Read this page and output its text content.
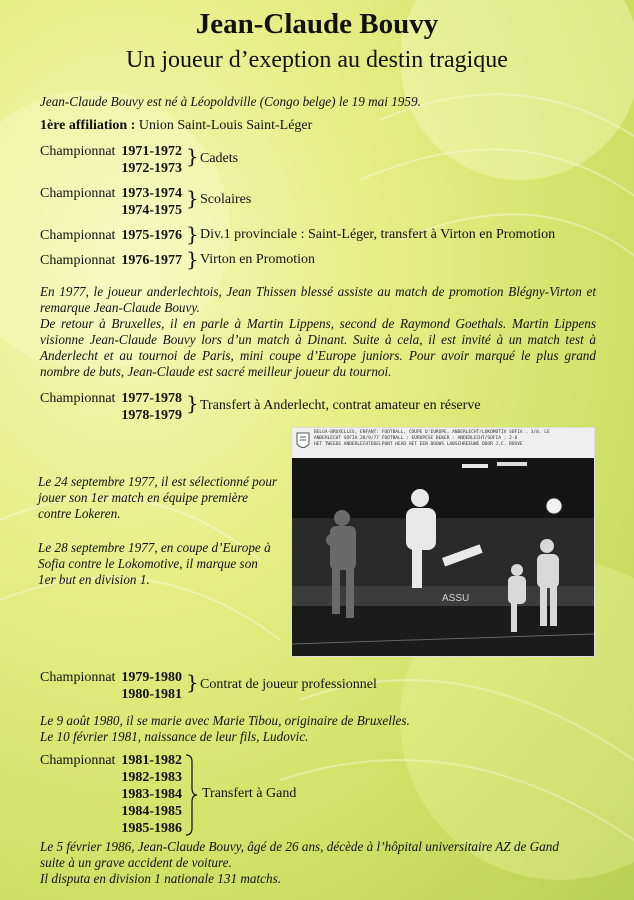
Jean-Claude Bouvy
Un joueur d’exeption au destin tragique
Jean-Claude Bouvy est né à Léopoldville (Congo belge) le 19 mai 1959.
1ère affiliation : Union Saint-Louis Saint-Léger
Championnat 1971-1972
1972-1973
} Cadets
Championnat 1973-1974
1974-1975
} Scolaires
Championnat 1975-1976 } Div.1 provinciale : Saint-Léger, transfert à Virton en Promotion
Championnat 1976-1977 } Virton en Promotion
En 1977, le joueur anderlechtois, Jean Thissen blessé assiste au match de promotion Blégny-Virton et remarque Jean-Claude Bouvy.
De retour à Bruxelles, il en parle à Martin Lippens, second de Raymond Goethals. Martin Lippens visionne Jean-Claude Bouvy lors d’un match à Dinant. Suite à cela, il est invité à un match test à Anderlecht et au tournoi de Paris, mini coupe d’Europe juniors. Pour avoir marqué le plus grand nombre de buts, Jean-Claude est sacré meilleur joueur du tournoi.
Championnat 1977-1978
1978-1979
} Transfert à Anderlecht, contrat amateur en réserve
Le 24 septembre 1977, il est sélectionné pour jouer son 1er match en équipe première contre Lokeren.
Le 28 septembre 1977, en coupe d’Europe à Sofia contre le Lokomotive, il marque son 1er but en division 1.
BELGA-BRUXELLES, ENFANT: FOOTBALL, COUPE D'EUROPE, ANDERLECHT/LOKOMOTIV SOFIA . 3/0. LE
ANDERLECHT SOFIA 28/9/77 FOOTBALL : EUROPESE BEKER : ANDERLECHT/SOFIA : 2-0
HET TWEEDE ANDERLECHTDOELPUNT HEAD HET EEN BOUWS LABSCHREEUWE DOOR J.C. BOUVE
ASSU
Championnat 1979-1980
1980-1981
} Contrat de joueur professionnel
Le 9 août 1980, il se marie avec Marie Tibou, originaire de Bruxelles.
Le 10 février 1981, naissance de leur fils, Ludovic.
Championnat 1981-1982
1982-1983
1983-1984
1984-1985
1985-1986
Transfert à Gand
Le 5 février 1986, Jean-Claude Bouvy, âgé de 26 ans, décède à l’hôpital universitaire AZ de Gand
suite à un grave accident de voiture.
Il disputa en division 1 nationale 131 matchs.
